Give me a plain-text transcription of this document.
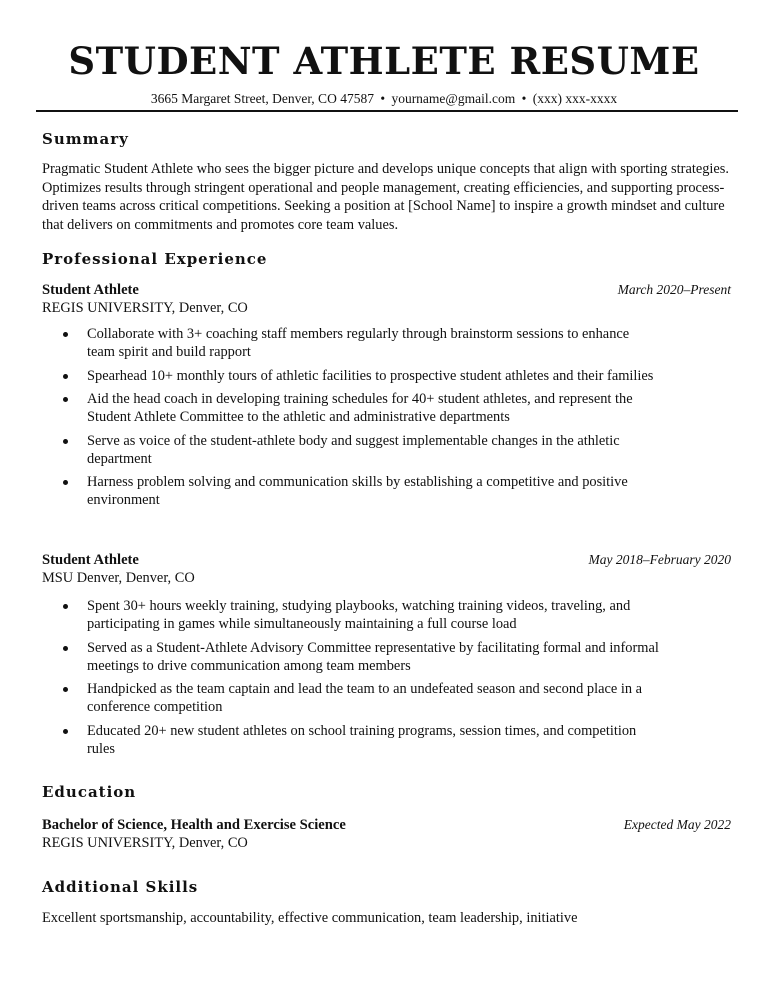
STUDENT ATHLETE RESUME
3665 Margaret Street, Denver, CO 47587 • yourname@gmail.com • (xxx) xxx-xxxx
Summary

Pragmatic Student Athlete who sees the bigger picture and develops unique concepts that align with sporting strategies. Optimizes results through stringent operational and people management, creating efficiencies, and supporting process-driven teams across critical competitions. Seeking a position at [School Name] to inspire a growth mindset and culture that delivers on commitments and promotes core team values.

Professional Experience
Student Athlete	March 2020–Present
REGIS UNIVERSITY, Denver, CO
Collaborate with 3+ coaching staff members regularly through brainstorm sessions to enhance team spirit and build rapport
Spearhead 10+ monthly tours of athletic facilities to prospective student athletes and their families
Aid the head coach in developing training schedules for 40+ student athletes, and represent the Student Athlete Committee to the athletic and administrative departments
Serve as voice of the student-athlete body and suggest implementable changes in the athletic department
Harness problem solving and communication skills by establishing a competitive and positive environment
Student Athlete	May 2018–February 2020
MSU Denver, Denver, CO
Spent 30+ hours weekly training, studying playbooks, watching training videos, traveling, and participating in games while simultaneously maintaining a full course load
Served as a Student-Athlete Advisory Committee representative by facilitating formal and informal meetings to drive communication among team members
Handpicked as the team captain and lead the team to an undefeated season and second place in a conference competition
Educated 20+ new student athletes on school training programs, session times, and competition rules
Education
Bachelor of Science, Health and Exercise Science	Expected May 2022
REGIS UNIVERSITY, Denver, CO
Additional Skills

Excellent sportsmanship, accountability, effective communication, team leadership, initiative
